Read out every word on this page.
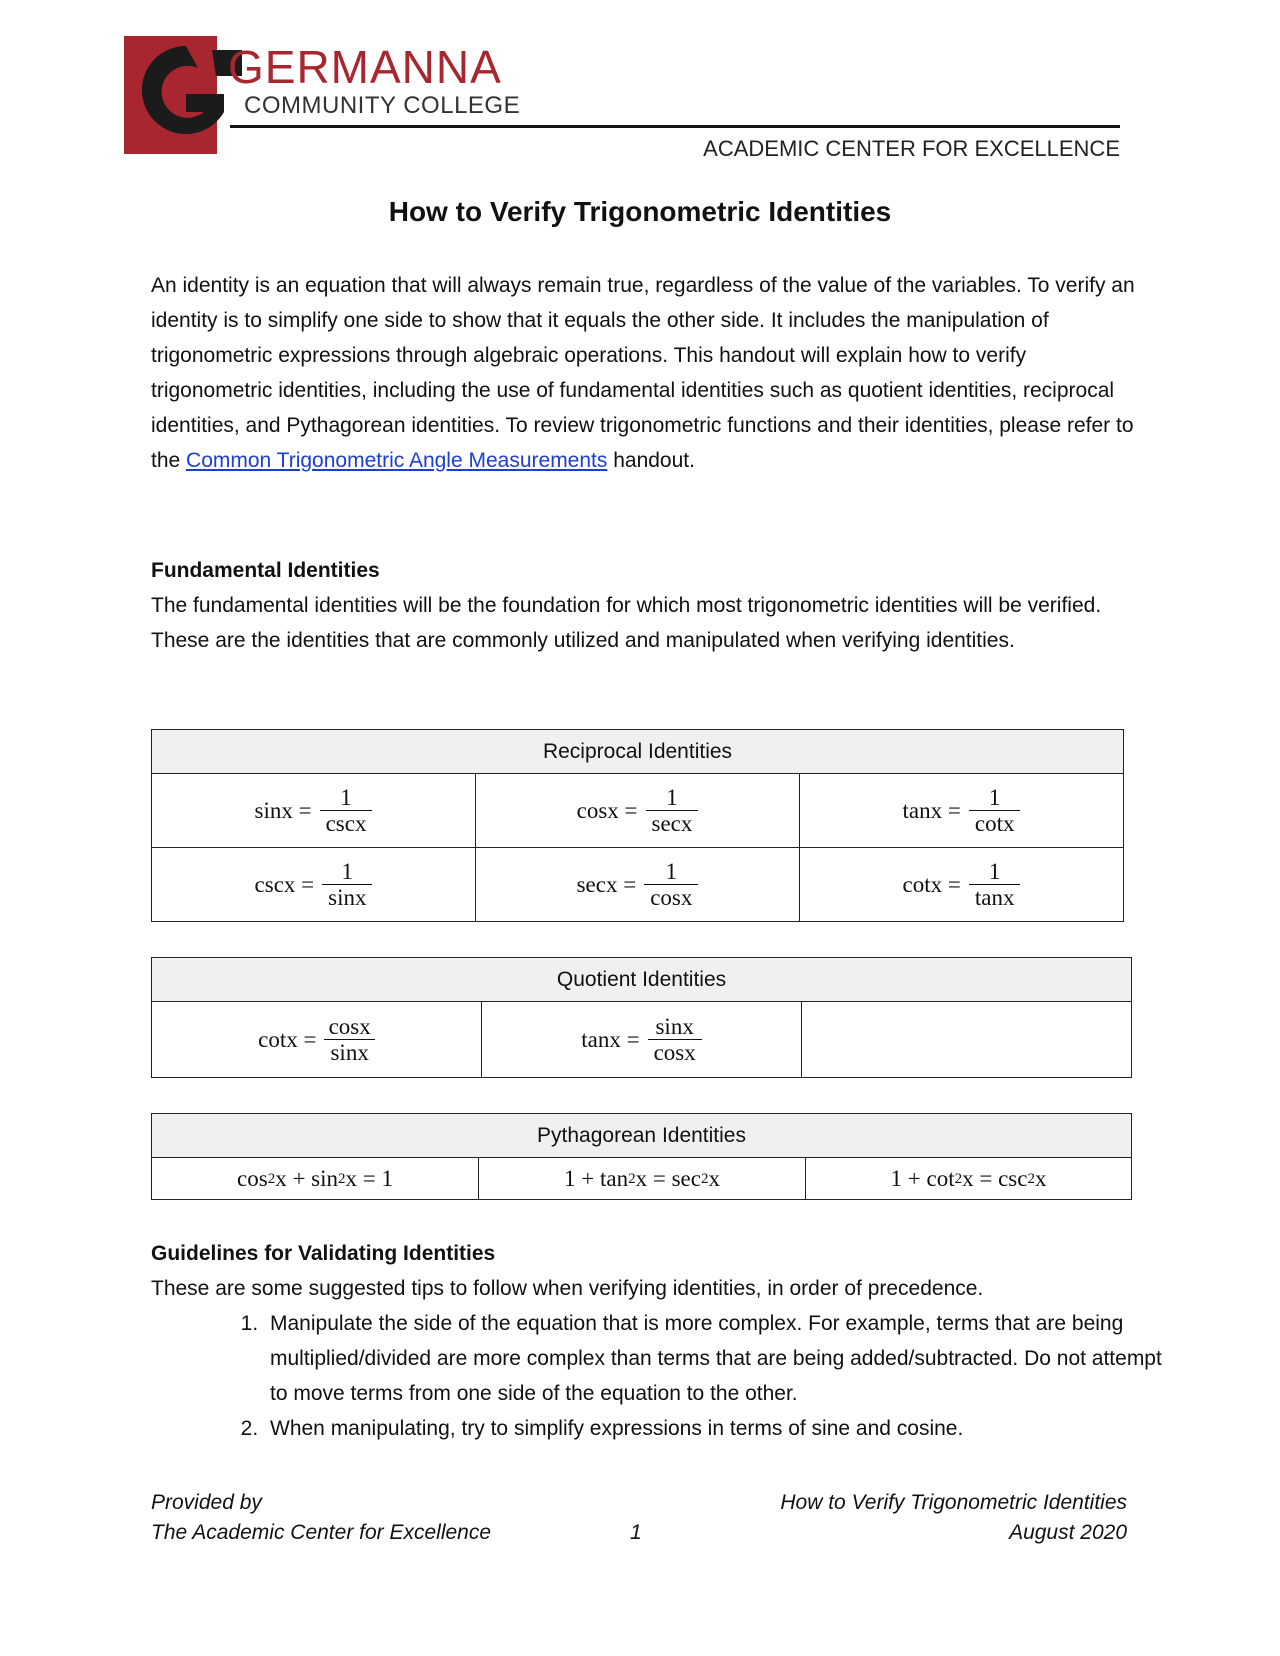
GERMANNA
COMMUNITY COLLEGE
ACADEMIC CENTER FOR EXCELLENCE
How to Verify Trigonometric Identities

An identity is an equation that will always remain true, regardless of the value of the variables. To verify an identity is to simplify one side to show that it equals the other side. It includes the manipulation of trigonometric expressions through algebraic operations. This handout will explain how to verify trigonometric identities, including the use of fundamental identities such as quotient identities, reciprocal identities, and Pythagorean identities. To review trigonometric functions and their identities, please refer to the Common Trigonometric Angle Measurements handout.

Fundamental Identities

The fundamental identities will be the foundation for which most trigonometric identities will be verified. These are the identities that are commonly utilized and manipulated when verifying identities.

Reciprocal Identities		

$\sin x = \frac{1}{\csc x}$	$\cos x = \frac{1}{\sec x}$	$\tan x = \frac{1}{\cot x}$

$\csc x = \frac{1}{\sin x}$	$\sec x = \frac{1}{\cos x}$	$\cot x = \frac{1}{\tan x}$
Quotient Identities

$\cot x = \frac{\cos x}{\sin x}$	$\tan x = \frac{\sin x}{\cos x}$

Pythagorean Identities

cos 2 x + sin 2 x = 1	1 + tan 2 x = sec 2 x	1 + cot 2 x = csc 2 x
Guidelines for Validating Identities

These are some suggested tips to follow when verifying identities, in order of precedence.

1. Manipulate the side of the equation that is more complex. For example, terms that are being multiplied/divided are more complex than terms that are being added/subtracted. Do not attempt to move terms from one side of the equation to the other.
2. When manipulating, try to simplify expressions in terms of sine and cosine.
Provided by
The Academic Center for Excellence	1
How to Verify Trigonometric Identities
August 2020
